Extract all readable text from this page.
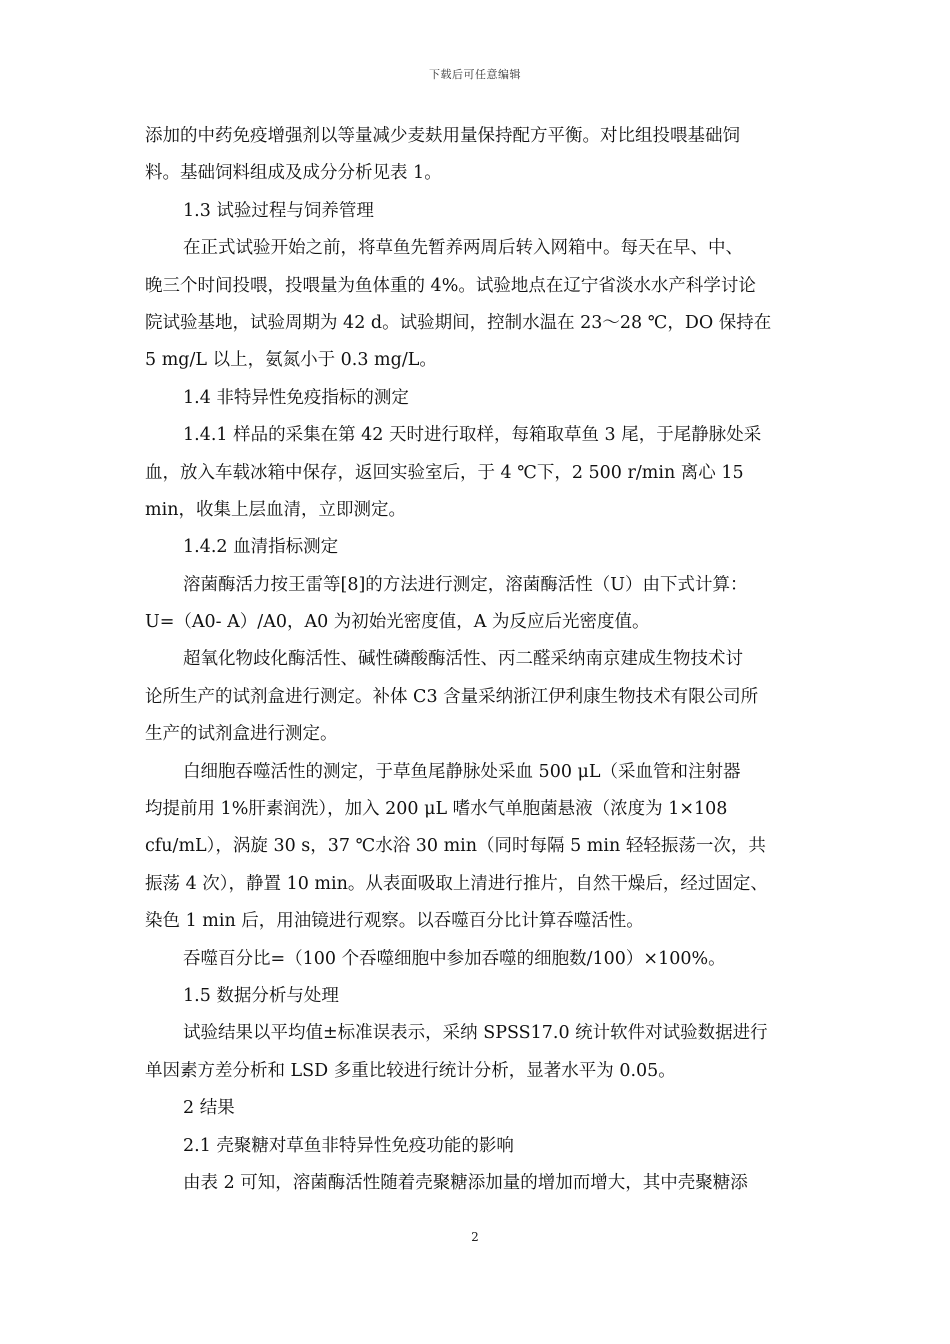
下载后可任意编辑
添加的中药免疫增强剂以等量减少麦麸用量保持配方平衡。对比组投喂基础饲
料。基础饲料组成及成分分析见表 1。
1.3 试验过程与饲养管理
在正式试验开始之前，将草鱼先暂养两周后转入网箱中。每天在早、中、
晚三个时间投喂，投喂量为鱼体重的 4%。试验地点在辽宁省淡水水产科学讨论
院试验基地，试验周期为 42 d。试验期间，控制水温在 23～28 ℃，DO 保持在
5 mg/L 以上，氨氮小于 0.3 mg/L。
1.4 非特异性免疫指标的测定
1.4.1 样品的采集在第 42 天时进行取样，每箱取草鱼 3 尾，于尾静脉处采
血，放入车载冰箱中保存，返回实验室后，于 4 ℃下，2 500 r/min 离心 15
min，收集上层血清，立即测定。
1.4.2 血清指标测定
溶菌酶活力按王雷等[8]的方法进行测定，溶菌酶活性（U）由下式计算：
U=（A0- A）/A0，A0 为初始光密度值，A 为反应后光密度值。
超氧化物歧化酶活性、碱性磷酸酶活性、丙二醛采纳南京建成生物技术讨
论所生产的试剂盒进行测定。补体 C3 含量采纳浙江伊利康生物技术有限公司所
生产的试剂盒进行测定。
白细胞吞噬活性的测定，于草鱼尾静脉处采血 500 μL（采血管和注射器
均提前用 1%肝素润洗），加入 200 μL 嗜水气单胞菌悬液（浓度为 1×108
cfu/mL），涡旋 30 s，37 ℃水浴 30 min（同时每隔 5 min 轻轻振荡一次，共
振荡 4 次），静置 10 min。从表面吸取上清进行推片，自然干燥后，经过固定、
染色 1 min 后，用油镜进行观察。以吞噬百分比计算吞噬活性。
吞噬百分比=（100 个吞噬细胞中参加吞噬的细胞数/100）×100%。
1.5 数据分析与处理
试验结果以平均值±标准误表示，采纳 SPSS17.0 统计软件对试验数据进行
单因素方差分析和 LSD 多重比较进行统计分析，显著水平为 0.05。
2 结果
2.1 壳聚糖对草鱼非特异性免疫功能的影响
由表 2 可知，溶菌酶活性随着壳聚糖添加量的增加而增大，其中壳聚糖添
2
